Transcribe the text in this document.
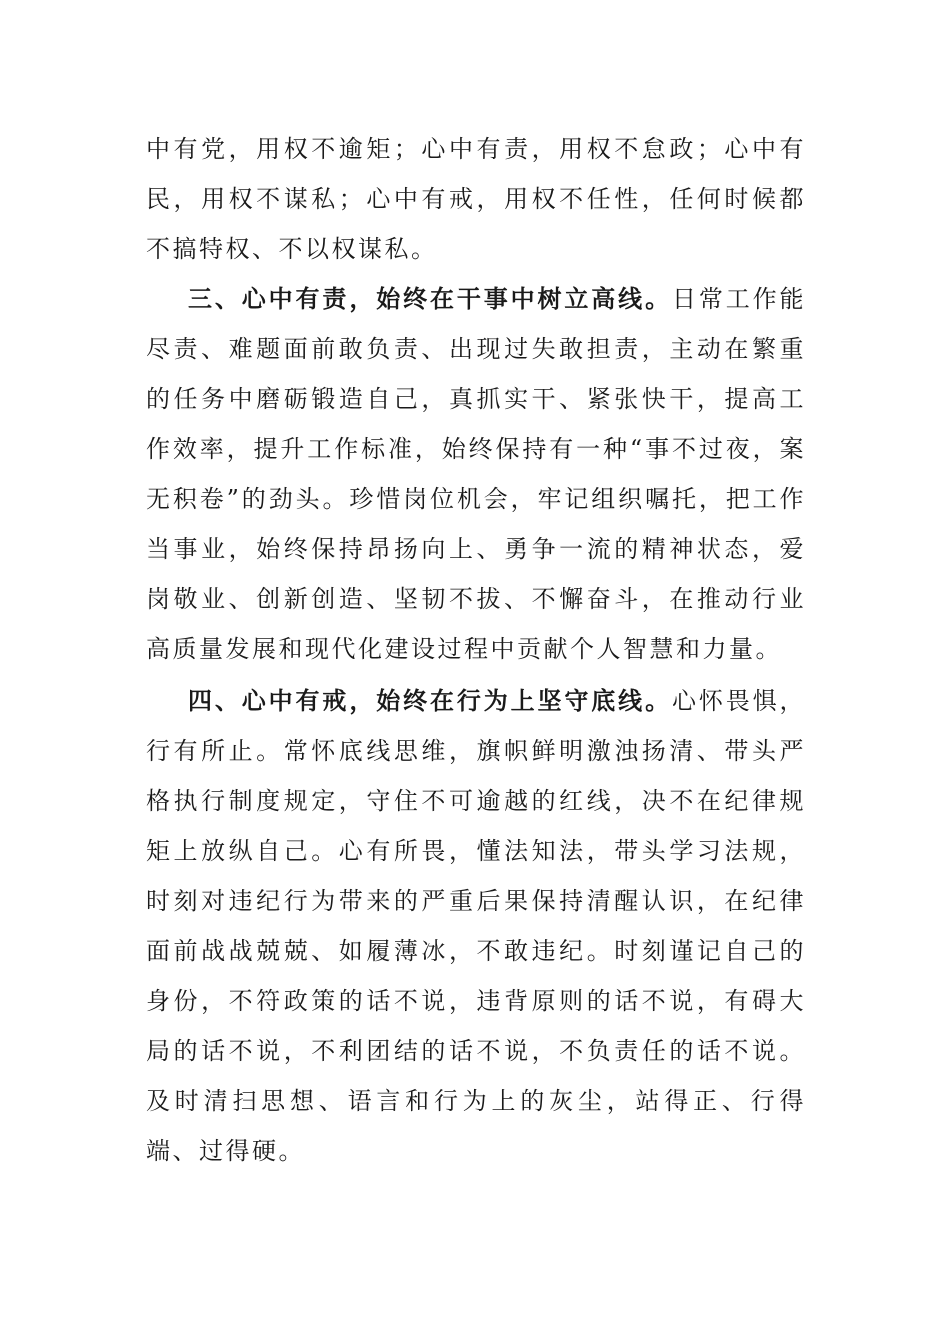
中有党，用权不逾矩；心中有责，用权不怠政；心中有民，用权不谋私；心中有戒，用权不任性，任何时候都不搞特权、不以权谋私。

三、心中有责，始终在干事中树立高线。日常工作能尽责、难题面前敢负责、出现过失敢担责，主动在繁重的任务中磨砺锻造自己，真抓实干、紧张快干，提高工作效率，提升工作标准，始终保持有一种“事不过夜，案无积卷”的劲头。珍惜岗位机会，牢记组织嘱托，把工作当事业，始终保持昂扬向上、勇争一流的精神状态，爱岗敬业、创新创造、坚韧不拔、不懈奋斗，在推动行业高质量发展和现代化建设过程中贡献个人智慧和力量。

四、心中有戒，始终在行为上坚守底线。心怀畏惧，行有所止。常怀底线思维，旗帜鲜明激浊扬清、带头严格执行制度规定，守住不可逾越的红线，决不在纪律规矩上放纵自己。心有所畏，懂法知法，带头学习法规，时刻对违纪行为带来的严重后果保持清醒认识，在纪律面前战战兢兢、如履薄冰，不敢违纪。时刻谨记自己的身份，不符政策的话不说，违背原则的话不说，有碍大局的话不说，不利团结的话不说，不负责任的话不说。及时清扫思想、语言和行为上的灰尘，站得正、行得端、过得硬。
